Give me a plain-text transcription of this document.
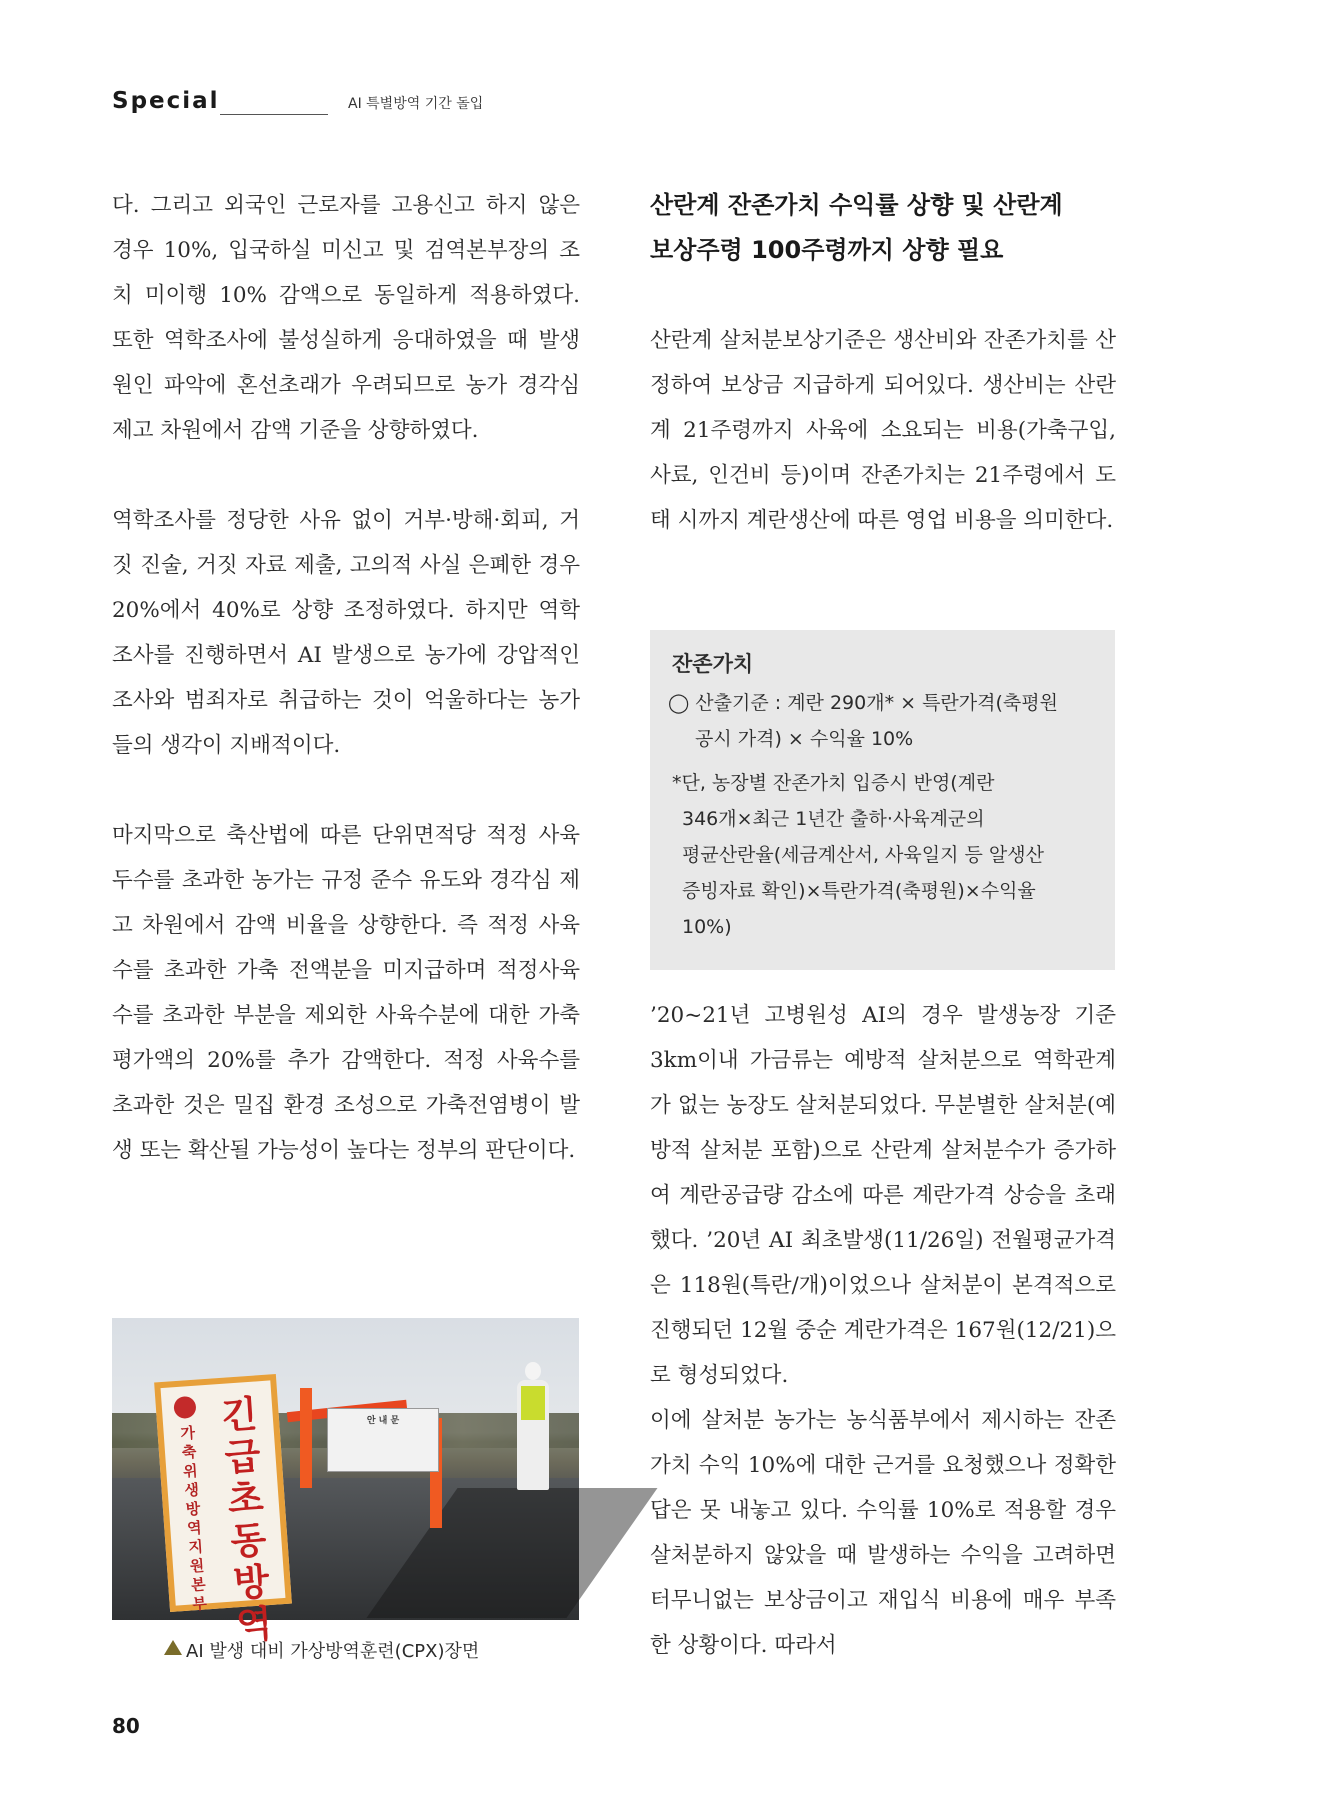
Special	AI 특별방역 기간 돌입

다. 그리고 외국인 근로자를 고용신고 하지 않은 경우 10%, 입국하실 미신고 및 검역본부장의 조치 미이행 10% 감액으로 동일하게 적용하였다. 또한 역학조사에 불성실하게 응대하였을 때 발생 원인 파악에 혼선초래가 우려되므로 농가 경각심 제고 차원에서 감액 기준을 상향하였다.

역학조사를 정당한 사유 없이 거부·방해·회피, 거짓 진술, 거짓 자료 제출, 고의적 사실 은폐한 경우 20%에서 40%로 상향 조정하였다. 하지만 역학조사를 진행하면서 AI 발생으로 농가에 강압적인 조사와 범죄자로 취급하는 것이 억울하다는 농가들의 생각이 지배적이다.

마지막으로 축산법에 따른 단위면적당 적정 사육두수를 초과한 농가는 규정 준수 유도와 경각심 제고 차원에서 감액 비율을 상향한다. 즉 적정 사육수를 초과한 가축 전액분을 미지급하며 적정사육수를 초과한 부분을 제외한 사육수분에 대한 가축 평가액의 20%를 추가 감액한다. 적정 사육수를 초과한 것은 밀집 환경 조성으로 가축전염병이 발생 또는 확산될 가능성이 높다는 정부의 판단이다.

안 내 문
가축위생방역지원본부
긴급초동방역
AI 발생 대비 가상방역훈련(CPX)장면

산란계 잔존가치 수익률 상향 및 산란계
보상주령 100주령까지 상향 필요

산란계 살처분보상기준은 생산비와 잔존가치를 산정하여 보상금 지급하게 되어있다. 생산비는 산란계 21주령까지 사육에 소요되는 비용(가축구입, 사료, 인건비 등)이며 잔존가치는 21주령에서 도태 시까지 계란생산에 따른 영업 비용을 의미한다.

잔존가치
◯ 산출기준 : 계란 290개* × 특란가격(축평원
공시 가격) × 수익율 10%
*단, 농장별 잔존가치 입증시 반영(계란
346개×최근 1년간 출하·사육계군의
평균산란율(세금계산서, 사육일지 등 알생산
증빙자료 확인)×특란가격(축평원)×수익율
10%)

’20~21년 고병원성 AI의 경우 발생농장 기준 3km이내 가금류는 예방적 살처분으로 역학관계가 없는 농장도 살처분되었다. 무분별한 살처분(예방적 살처분 포함)으로 산란계 살처분수가 증가하여 계란공급량 감소에 따른 계란가격 상승을 초래했다. ’20년 AI 최초발생(11/26일) 전월평균가격은 118원(특란/개)이었으나 살처분이 본격적으로 진행되던 12월 중순 계란가격은 167원(12/21)으로 형성되었다.

이에 살처분 농가는 농식품부에서 제시하는 잔존가치 수익 10%에 대한 근거를 요청했으나 정확한 답은 못 내놓고 있다. 수익률 10%로 적용할 경우 살처분하지 않았을 때 발생하는 수익을 고려하면 터무니없는 보상금이고 재입식 비용에 매우 부족한 상황이다. 따라서

80
